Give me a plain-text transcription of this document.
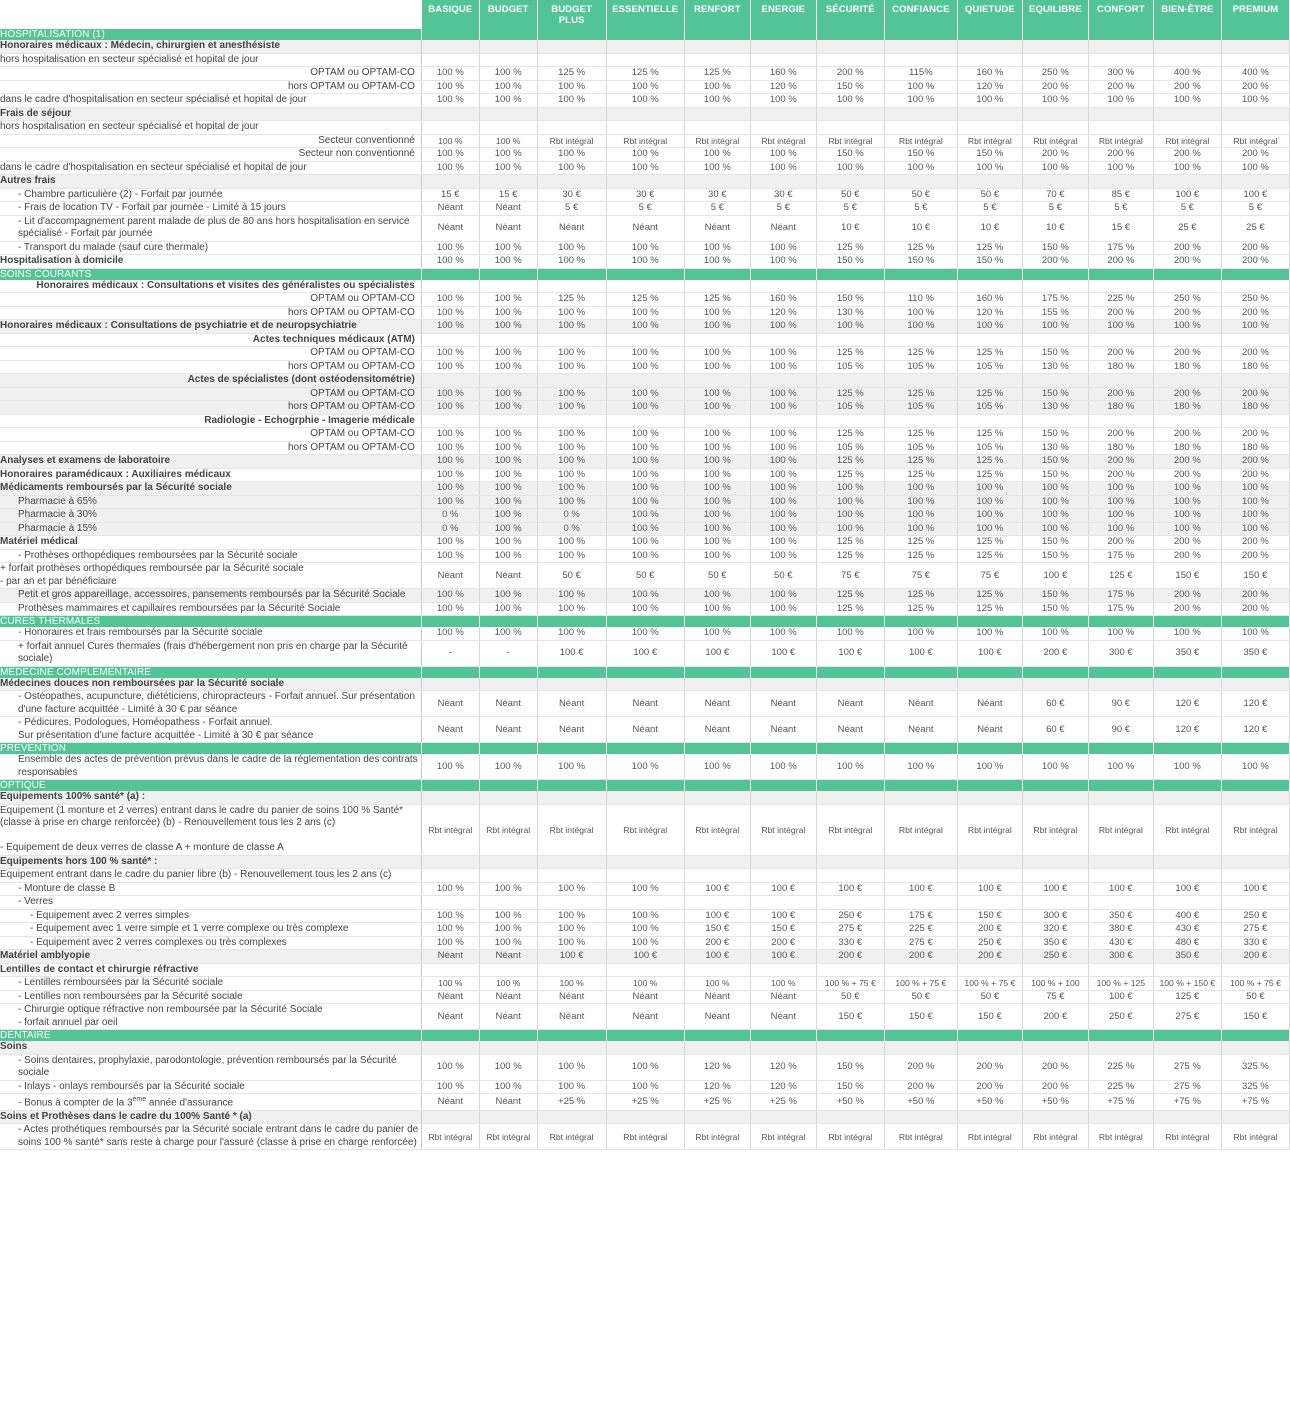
	BASIQUE	BUDGET	BUDGET PLUS	ESSENTIELLE	RENFORT	ENERGIE	SÉCURITÉ	CONFIANCE	QUIETUDE	EQUILIBRE	CONFORT	BIEN-ÊTRE	PREMIUM
HOSPITALISATION (1)													
Honoraires médicaux : Médecin, chirurgien et anesthésiste													
hors hospitalisation en secteur spécialisé et hopital de jour													
OPTAM ou OPTAM-CO	100 %	100 %	125 %	125 %	125 %	160 %	200 %	115%	160 %	250 %	300 %	400 %	400 %
hors OPTAM ou OPTAM-CO	100 %	100 %	100 %	100 %	100 %	120 %	150 %	100 %	120 %	200 %	200 %	200 %	200 %
dans le cadre d'hospitalisation en secteur spécialisé et hopital de jour	100 %	100 %	100 %	100 %	100 %	100 %	100 %	100 %	100 %	100 %	100 %	100 %	100 %
Frais de séjour													
hors hospitalisation en secteur spécialisé et hopital de jour													
Secteur conventionné	100 %	100 %	Rbt intégral	Rbt intégral	Rbt intégral	Rbt intégral	Rbt intégral	Rbt intégral	Rbt intégral	Rbt intégral	Rbt intégral	Rbt intégral	Rbt intégral
Secteur non conventionné	100 %	100 %	100 %	100 %	100 %	100 %	150 %	150 %	150 %	200 %	200 %	200 %	200 %
dans le cadre d'hospitalisation en secteur spécialisé et hopital de jour	100 %	100 %	100 %	100 %	100 %	100 %	100 %	100 %	100 %	100 %	100 %	100 %	100 %
Autres frais													
- Chambre particulière (2) - Forfait par journée	15 €	15 €	30 €	30 €	30 €	30 €	50 €	50 €	50 €	70 €	85 €	100 €	100 €
- Frais de location TV - Forfait par journée - Limité à 15 jours	Néant	Néant	5 €	5 €	5 €	5 €	5 €	5 €	5 €	5 €	5 €	5 €	5 €
- Lit d'accompagnement parent malade de plus de 80 ans hors hospitalisation en service spécialisé - Forfait par journée	Néant	Néant	Néant	Néant	Néant	Néant	10 €	10 €	10 €	10 €	15 €	25 €	25 €
- Transport du malade (sauf cure thermale)	100 %	100 %	100 %	100 %	100 %	100 %	125 %	125 %	125 %	150 %	175 %	200 %	200 %
Hospitalisation à domicile	100 %	100 %	100 %	100 %	100 %	100 %	150 %	150 %	150 %	200 %	200 %	200 %	200 %
SOINS COURANTS													
Honoraires médicaux : Consultations et visites des généralistes ou spécialistes													
OPTAM ou OPTAM-CO	100 %	100 %	125 %	125 %	125 %	160 %	150 %	110 %	160 %	175 %	225 %	250 %	250 %
hors OPTAM ou OPTAM-CO	100 %	100 %	100 %	100 %	100 %	120 %	130 %	100 %	120 %	155 %	200 %	200 %	200 %
Honoraires médicaux : Consultations de psychiatrie et de neuropsychiatrie	100 %	100 %	100 %	100 %	100 %	100 %	100 %	100 %	100 %	100 %	100 %	100 %	100 %
Actes techniques médicaux (ATM)													
OPTAM ou OPTAM-CO	100 %	100 %	100 %	100 %	100 %	100 %	125 %	125 %	125 %	150 %	200 %	200 %	200 %
hors OPTAM ou OPTAM-CO	100 %	100 %	100 %	100 %	100 %	100 %	105 %	105 %	105 %	130 %	180 %	180 %	180 %
Actes de spécialistes (dont ostéodensitométrie)													
OPTAM ou OPTAM-CO	100 %	100 %	100 %	100 %	100 %	100 %	125 %	125 %	125 %	150 %	200 %	200 %	200 %
hors OPTAM ou OPTAM-CO	100 %	100 %	100 %	100 %	100 %	100 %	105 %	105 %	105 %	130 %	180 %	180 %	180 %
Radiologie - Echogrphie - Imagerie médicale													
OPTAM ou OPTAM-CO	100 %	100 %	100 %	100 %	100 %	100 %	125 %	125 %	125 %	150 %	200 %	200 %	200 %
hors OPTAM ou OPTAM-CO	100 %	100 %	100 %	100 %	100 %	100 %	105 %	105 %	105 %	130 %	180 %	180 %	180 %
Analyses et examens de laboratoire	100 %	100 %	100 %	100 %	100 %	100 %	125 %	125 %	125 %	150 %	200 %	200 %	200 %
Honoraires paramédicaux : Auxiliaires médicaux	100 %	100 %	100 %	100 %	100 %	100 %	125 %	125 %	125 %	150 %	200 %	200 %	200 %
Médicaments remboursés par la Sécurité sociale	100 %	100 %	100 %	100 %	100 %	100 %	100 %	100 %	100 %	100 %	100 %	100 %	100 %
Pharmacie à 65%	100 %	100 %	100 %	100 %	100 %	100 %	100 %	100 %	100 %	100 %	100 %	100 %	100 %
Pharmacie à 30%	0 %	100 %	0 %	100 %	100 %	100 %	100 %	100 %	100 %	100 %	100 %	100 %	100 %
Pharmacie à 15%	0 %	100 %	0 %	100 %	100 %	100 %	100 %	100 %	100 %	100 %	100 %	100 %	100 %
Matériel médical	100 %	100 %	100 %	100 %	100 %	100 %	125 %	125 %	125 %	150 %	200 %	200 %	200 %
- Prothèses orthopédiques remboursées par la Sécurité sociale	100 %	100 %	100 %	100 %	100 %	100 %	125 %	125 %	125 %	150 %	175 %	200 %	200 %
+ forfait prothèses orthopédiques remboursée par la Sécurité sociale
- par an et par bénéficiaire	Néant	Néant	50 €	50 €	50 €	50 €	75 €	75 €	75 €	100 €	125 €	150 €	150 €
Petit et gros appareillage, accessoires, pansements remboursés par la Sécurité Sociale	100 %	100 %	100 %	100 %	100 %	100 %	125 %	125 %	125 %	150 %	175 %	200 %	200 %
Prothèses mammaires et capillaires remboursées par la Sécurité Sociale	100 %	100 %	100 %	100 %	100 %	100 %	125 %	125 %	125 %	150 %	175 %	200 %	200 %
CURES THERMALES													
- Honoraires et frais remboursés par la Sécurité sociale	100 %	100 %	100 %	100 %	100 %	100 %	100 %	100 %	100 %	100 %	100 %	100 %	100 %
+ forfait annuel Cures thermales (frais d'hébergement non pris en charge par la Sécurité sociale)	-	-	100 €	100 €	100 €	100 €	100 €	100 €	100 €	200 €	300 €	350 €	350 €
MEDECINE COMPLEMENTAIRE													
Médecines douces non remboursées par la Sécurité sociale													
- Ostéopathes, acupuncture, diététiciens, chiropracteurs - Forfait annuel. Sur présentation d'une facture acquittée - Limité à 30 € par séance	Néant	Néant	Néant	Néant	Néant	Néant	Néant	Néant	Néant	60 €	90 €	120 €	120 €
- Pédicures, Podologues, Homéopathess - Forfait annuel.
Sur présentation d'une facture acquittée - Limité à 30 € par séance	Néant	Néant	Néant	Néant	Néant	Néant	Néant	Néant	Néant	60 €	90 €	120 €	120 €
PREVENTION													
Ensemble des actes de prévention prévus dans le cadre de la réglementation des contrats responsables	100 %	100 %	100 %	100 %	100 %	100 %	100 %	100 %	100 %	100 %	100 %	100 %	100 %
OPTIQUE													
Equipements 100% santé* (a) :													
Equipement (1 monture et 2 verres) entrant dans le cadre du panier de soins 100 % Santé*
(classe à prise en charge renforcée) (b) - Renouvellement tous les 2 ans (c)

- Equipement de deux verres de classe A + monture de classe A	Rbt intégral	Rbt intégral	Rbt intégral	Rbt intégral	Rbt intégral	Rbt intégral	Rbt intégral	Rbt intégral	Rbt intégral	Rbt intégral	Rbt intégral	Rbt intégral	Rbt intégral
Equipements hors 100 % santé* :													
Equipement entrant dans le cadre du panier libre (b) - Renouvellement tous les 2 ans (c)													
- Monture de classe B	100 %	100 %	100 %	100 %	100 €	100 €	100 €	100 €	100 €	100 €	100 €	100 €	100 €
- Verres													
- Equipement avec 2 verres simples	100 %	100 %	100 %	100 %	100 €	100 €	250 €	175 €	150 €	300 €	350 €	400 €	250 €
- Equipement avec 1 verre simple et 1 verre complexe ou très complexe	100 %	100 %	100 %	100 %	150 €	150 €	275 €	225 €	200 €	320 €	380 €	430 €	275 €
- Equipement avec 2 verres complexes ou très complexes	100 %	100 %	100 %	100 %	200 €	200 €	330 €	275 €	250 €	350 €	430 €	480 €	330 €
Matériel amblyopie	Néant	Néant	100 €	100 €	100 €	100 €	200 €	200 €	200 €	250 €	300 €	350 €	200 €
Lentilles de contact et chirurgie réfractive													
- Lentilles remboursées par la Sécurité sociale	100 %	100 %	100 %	100 %	100 %	100 %	100 % + 75 €	100 % + 75 €	100 % + 75 €	100 % + 100	100 % + 125	100 % + 150 €	100 % + 75 €
- Lentilles non remboursées par la Sécurité sociale	Néant	Néant	Néant	Néant	Néant	Néant	50 €	50 €	50 €	75 €	100 €	125 €	50 €
- Chirurgie optique réfractive non remboursée par la Sécurité Sociale
- forfait annuel par oeil	Néant	Néant	Néant	Néant	Néant	Néant	150 €	150 €	150 €	200 €	250 €	275 €	150 €
DENTAIRE													
Soins													
- Soins dentaires, prophylaxie, parodontologie, prévention remboursés par la Sécurité sociale	100 %	100 %	100 %	100 %	120 %	120 %	150 %	200 %	200 %	200 %	225 %	275 %	325 %
- Inlays - onlays remboursés par la Sécurité sociale	100 %	100 %	100 %	100 %	120 %	120 %	150 %	200 %	200 %	200 %	225 %	275 %	325 %
- Bonus à compter de la 3ème année d'assurance	Néant	Néant	+25 %	+25 %	+25 %	+25 %	+50 %	+50 %	+50 %	+50 %	+75 %	+75 %	+75 %
Soins et Prothèses dans le cadre du 100% Santé * (a)													
- Actes prothétiques remboursés par la Sécurité sociale entrant dans le cadre du panier de soins 100 % santé* sans reste à charge pour l'assuré (classe à prise en charge renforcée)	Rbt intégral	Rbt intégral	Rbt intégral	Rbt intégral	Rbt intégral	Rbt intégral	Rbt intégral	Rbt intégral	Rbt intégral	Rbt intégral	Rbt intégral	Rbt intégral	Rbt intégral
